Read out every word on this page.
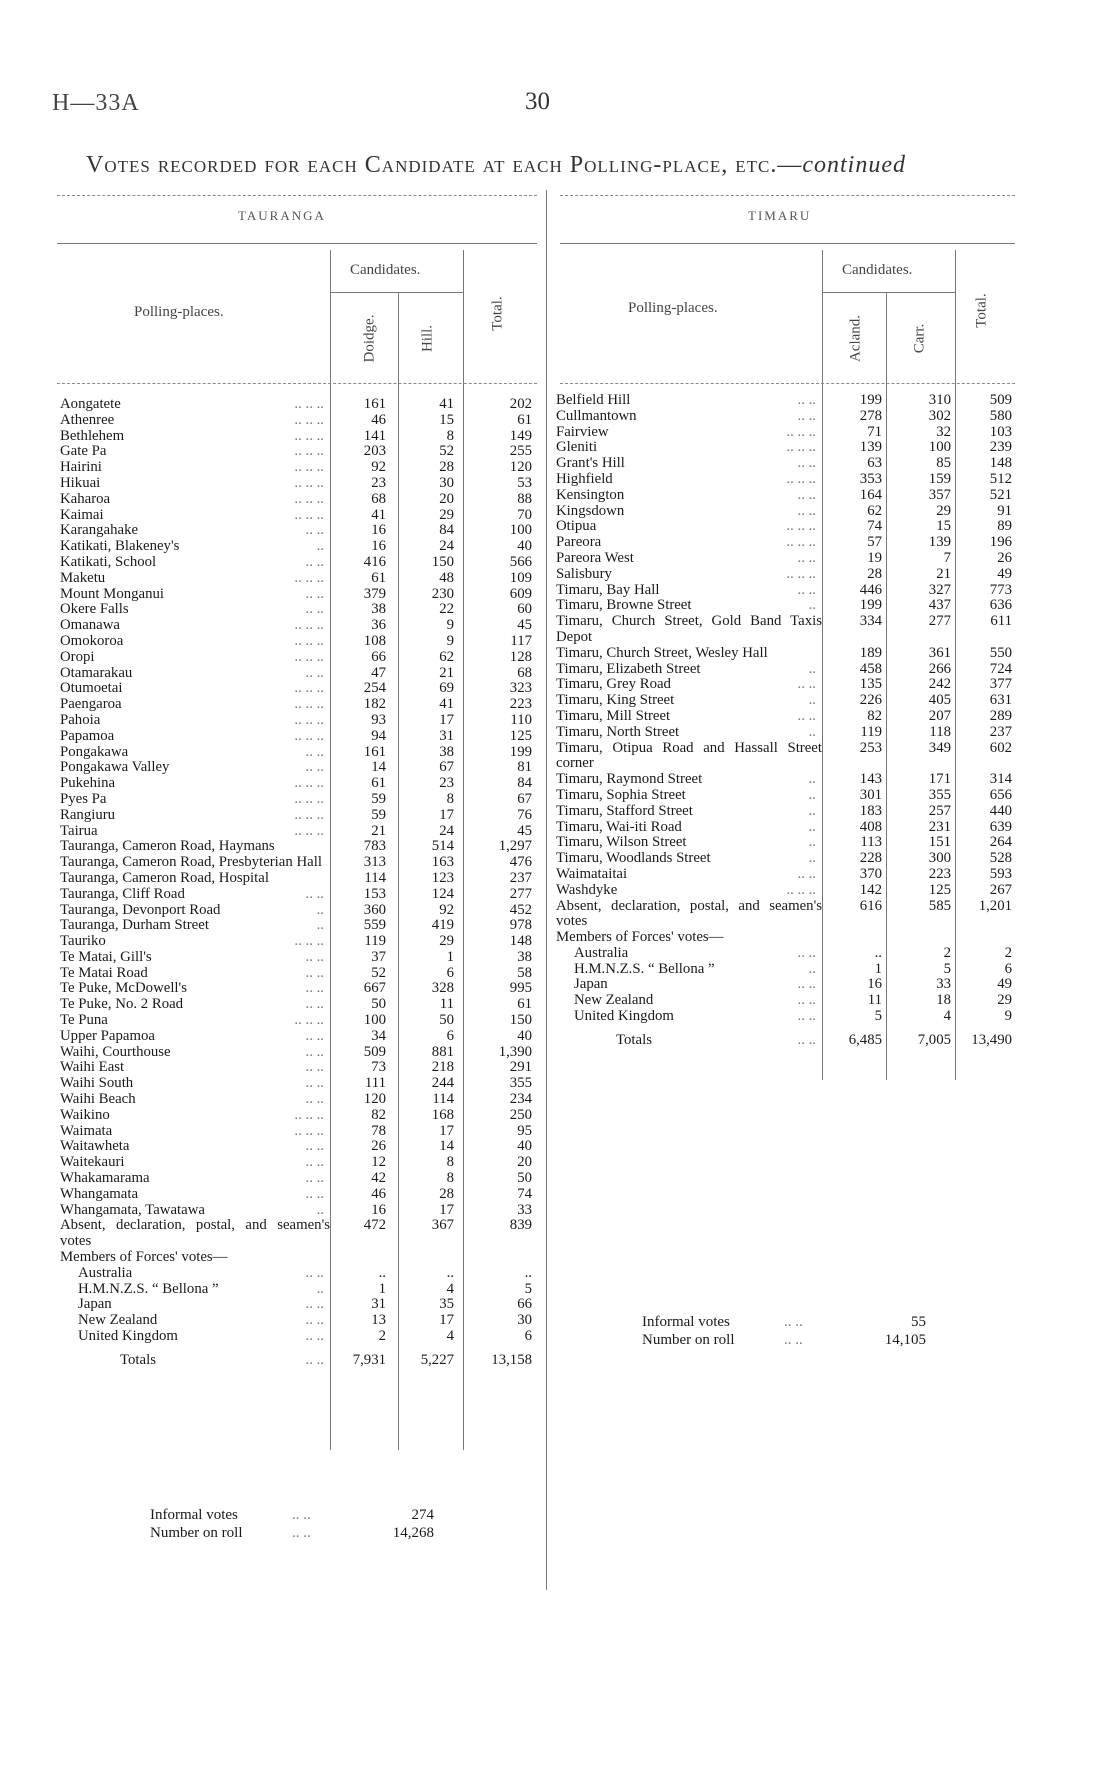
H—33A	30
Votes recorded for each Candidate at each Polling-place, etc.—continued
TAURANGA
Polling-places.
Candidates.
Doidge.	Hill.
Total.
.. .. ..
Aongatete	161	41	202

.. .. ..
Athenree	46	15	61

.. .. ..
Bethlehem	141	8	149

.. .. ..
Gate Pa	203	52	255

.. .. ..
Hairini	92	28	120

.. .. ..
Hikuai	23	30	53

.. .. ..
Kaharoa	68	20	88

.. .. ..
Kaimai	41	29	70

.. ..
Karangahake	16	84	100

..
Katikati, Blakeney's	16	24	40

.. ..
Katikati, School	416	150	566

.. .. ..
Maketu	61	48	109

.. ..
Mount Monganui	379	230	609

.. ..
Okere Falls	38	22	60

.. .. ..
Omanawa	36	9	45

.. .. ..
Omokoroa	108	9	117

.. .. ..
Oropi	66	62	128

.. ..
Otamarakau	47	21	68

.. .. ..
Otumoetai	254	69	323

.. .. ..
Paengaroa	182	41	223

.. .. ..
Pahoia	93	17	110

.. .. ..
Papamoa	94	31	125

.. ..
Pongakawa	161	38	199

.. ..
Pongakawa Valley	14	67	81

.. .. ..
Pukehina	61	23	84

.. .. ..
Pyes Pa	59	8	67

.. .. ..
Rangiuru	59	17	76

.. .. ..
Tairua	21	24	45
Tauranga, Cameron Road, Haymans	783	514	1,297
Tauranga, Cameron Road, Presbyterian Hall	313	163	476
Tauranga, Cameron Road, Hospital	114	123	237

.. ..
Tauranga, Cliff Road	153	124	277

..
Tauranga, Devonport Road	360	92	452

..
Tauranga, Durham Street	559	419	978

.. .. ..
Tauriko	119	29	148

.. ..
Te Matai, Gill's	37	1	38

.. ..
Te Matai Road	52	6	58

.. ..
Te Puke, McDowell's	667	328	995

.. ..
Te Puke, No. 2 Road	50	11	61

.. .. ..
Te Puna	100	50	150

.. ..
Upper Papamoa	34	6	40

.. ..
Waihi, Courthouse	509	881	1,390

.. ..
Waihi East	73	218	291

.. ..
Waihi South	111	244	355

.. ..
Waihi Beach	120	114	234

.. .. ..
Waikino	82	168	250

.. .. ..
Waimata	78	17	95

.. ..
Waitawheta	26	14	40

.. ..
Waitekauri	12	8	20

.. ..
Whakamarama	42	8	50

.. ..
Whangamata	46	28	74

..
Whangamata, Tawatawa	16	17	33
Absent, declaration, postal, and seamen's votes	472	367	839
Members of Forces' votes—			

.. ..
Australia	..	..	..

..
H.M.N.Z.S. “ Bellona ”	1	4	5

.. ..
Japan	31	35	66

.. ..
New Zealand	13	17	30

.. ..
United Kingdom	2	4	6

.. ..
Totals	7,931	5,227	13,158
TIMARU
Polling-places.
Candidates.
Acland.	Carr.
Total.
.. ..
Belfield Hill	199	310	509

.. ..
Cullmantown	278	302	580

.. .. ..
Fairview	71	32	103

.. .. ..
Gleniti	139	100	239

.. ..
Grant's Hill	63	85	148

.. .. ..
Highfield	353	159	512

.. ..
Kensington	164	357	521

.. ..
Kingsdown	62	29	91

.. .. ..
Otipua	74	15	89

.. .. ..
Pareora	57	139	196

.. ..
Pareora West	19	7	26

.. .. ..
Salisbury	28	21	49

.. ..
Timaru, Bay Hall	446	327	773

..
Timaru, Browne Street	199	437	636
Timaru, Church Street, Gold Band Taxis Depot	334	277	611
Timaru, Church Street, Wesley Hall	189	361	550

..
Timaru, Elizabeth Street	458	266	724

.. ..
Timaru, Grey Road	135	242	377

..
Timaru, King Street	226	405	631

.. ..
Timaru, Mill Street	82	207	289

..
Timaru, North Street	119	118	237
Timaru, Otipua Road and Hassall Street corner	253	349	602

..
Timaru, Raymond Street	143	171	314

..
Timaru, Sophia Street	301	355	656

..
Timaru, Stafford Street	183	257	440

..
Timaru, Wai-iti Road	408	231	639

..
Timaru, Wilson Street	113	151	264

..
Timaru, Woodlands Street	228	300	528

.. ..
Waimataitai	370	223	593

.. .. ..
Washdyke	142	125	267
Absent, declaration, postal, and seamen's votes	616	585	1,201
Members of Forces' votes—			

.. ..
Australia	..	2	2

..
H.M.N.Z.S. “ Bellona ”	1	5	6

.. ..
Japan	16	33	49

.. ..
New Zealand	11	18	29

.. ..
United Kingdom	5	4	9

.. ..
Totals	6,485	7,005	13,490
Informal votes	.. ..	274
Number on roll	.. ..	14,268
Informal votes	.. ..	55
Number on roll	.. ..	14,105
